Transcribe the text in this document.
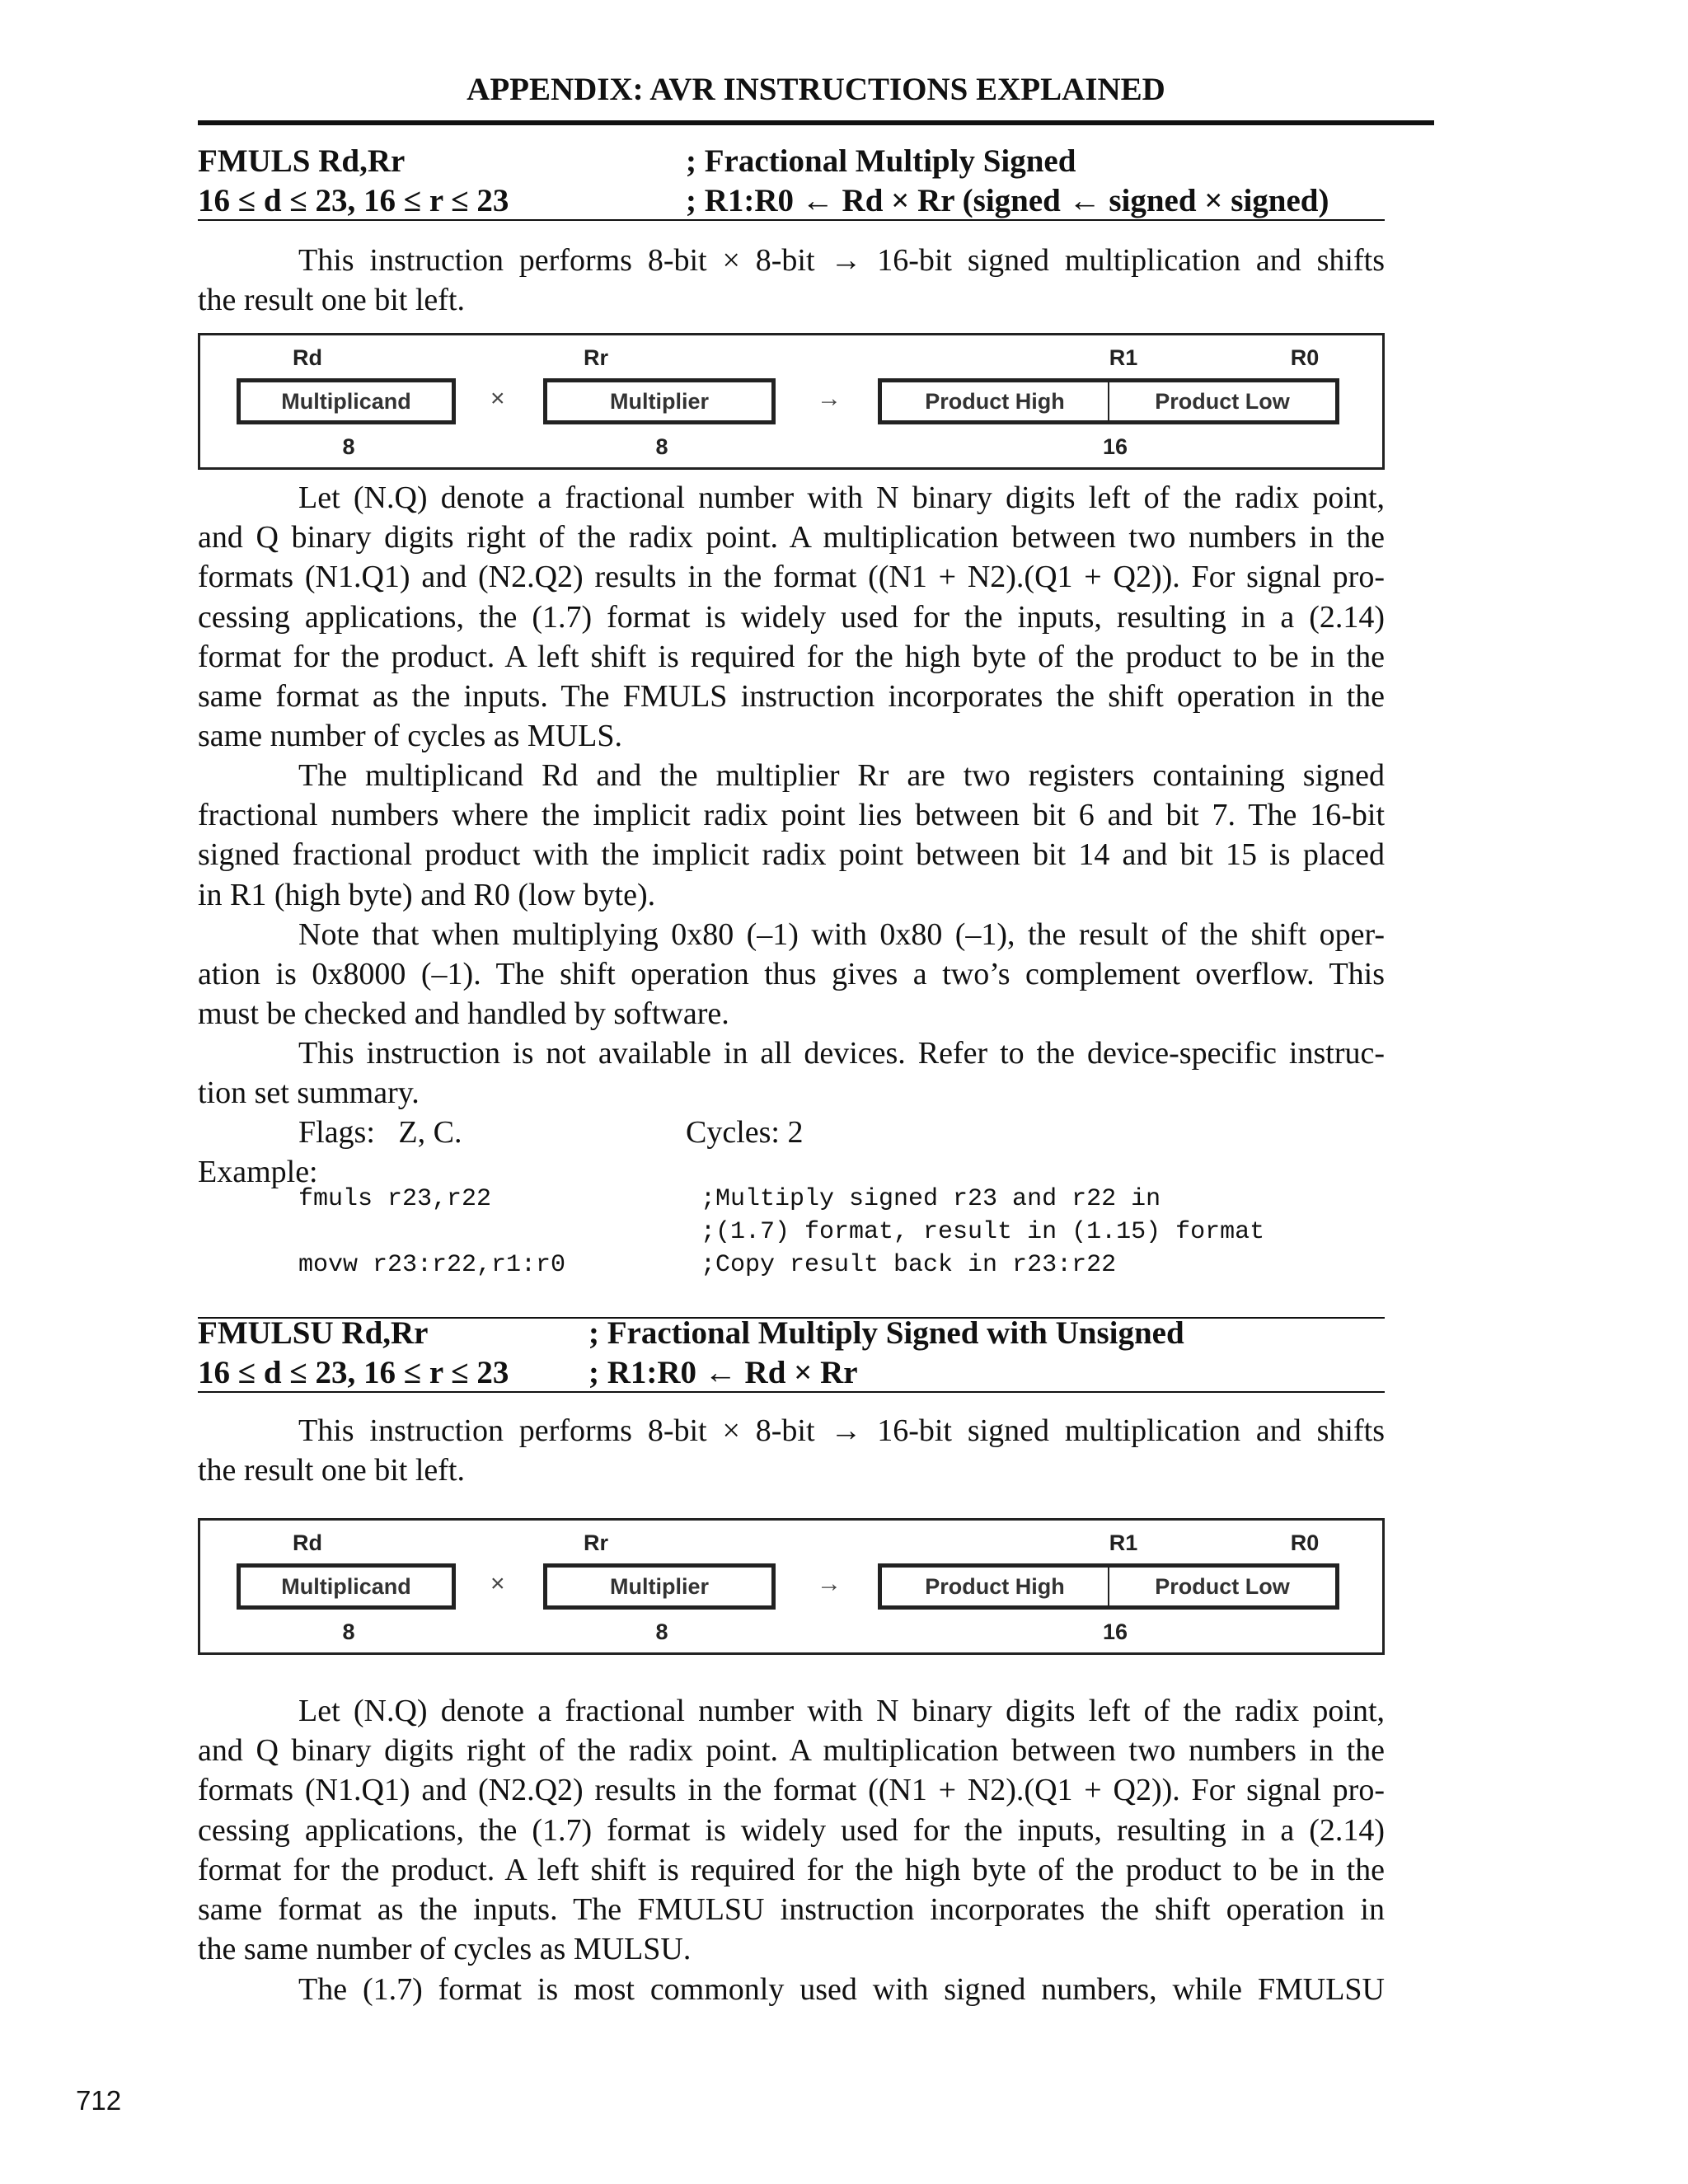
APPENDIX: AVR INSTRUCTIONS EXPLAINED
FMULS Rd,Rr	; Fractional Multiply Signed
16 ≤ d ≤ 23, 16 ≤ r ≤ 23	; R1:R0 ← Rd × Rr (signed ← signed × signed)
This instruction performs 8-bit × 8-bit → 16-bit signed multiplication and shifts
the result one bit left.
Rd	Rr	R1	R0
Multiplicand	×	Multiplier	→	Product High	Product Low
8	8	16
Let (N.Q) denote a fractional number with N binary digits left of the radix point,
and Q binary digits right of the radix point. A multiplication between two numbers in the
formats (N1.Q1) and (N2.Q2) results in the format ((N1 + N2).(Q1 + Q2)). For signal pro-
cessing applications, the (1.7) format is widely used for the inputs, resulting in a (2.14)
format for the product. A left shift is required for the high byte of the product to be in the
same format as the inputs. The FMULS instruction incorporates the shift operation in the
same number of cycles as MULS.
The multiplicand Rd and the multiplier Rr are two registers containing signed
fractional numbers where the implicit radix point lies between bit 6 and bit 7. The 16-bit
signed fractional product with the implicit radix point between bit 14 and bit 15 is placed
in R1 (high byte) and R0 (low byte).
Note that when multiplying 0x80 (–1) with 0x80 (–1), the result of the shift oper-
ation is 0x8000 (–1). The shift operation thus gives a two’s complement overflow. This
must be checked and handled by software.
This instruction is not available in all devices. Refer to the device-specific instruc-
tion set summary.
Flags:   Z, C.	Cycles: 2

Example:
fmuls r23,r22	;Multiply signed r23 and r22 in
;(1.7) format, result in (1.15) format
movw r23:r22,r1:r0	;Copy result back in r23:r22
FMULSU Rd,Rr	; Fractional Multiply Signed with Unsigned
16 ≤ d ≤ 23, 16 ≤ r ≤ 23	; R1:R0 ← Rd × Rr
This instruction performs 8-bit × 8-bit → 16-bit signed multiplication and shifts
the result one bit left.
Rd	Rr	R1	R0
Multiplicand	×	Multiplier	→	Product High	Product Low
8	8	16
Let (N.Q) denote a fractional number with N binary digits left of the radix point,
and Q binary digits right of the radix point. A multiplication between two numbers in the
formats (N1.Q1) and (N2.Q2) results in the format ((N1 + N2).(Q1 + Q2)). For signal pro-
cessing applications, the (1.7) format is widely used for the inputs, resulting in a (2.14)
format for the product. A left shift is required for the high byte of the product to be in the
same format as the inputs. The FMULSU instruction incorporates the shift operation in
the same number of cycles as MULSU.
The (1.7) format is most commonly used with signed numbers, while FMULSU
712
